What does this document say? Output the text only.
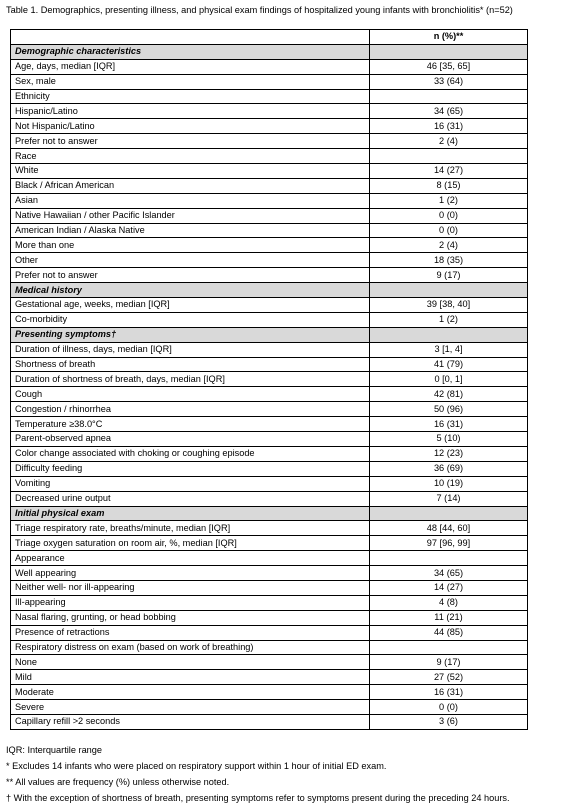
Table 1. Demographics, presenting illness, and physical exam findings of hospitalized young infants with bronchiolitis* (n=52)
	n (%)**
Demographic characteristics	
Age, days, median [IQR]	46 [35, 65]
Sex, male	33 (64)
Ethnicity	
Hispanic/Latino	34 (65)
Not Hispanic/Latino	16 (31)
Prefer not to answer	2 (4)
Race	
White	14 (27)
Black / African American	8 (15)
Asian	1 (2)
Native Hawaiian / other Pacific Islander	0 (0)
American Indian / Alaska Native	0 (0)
More than one	2 (4)
Other	18 (35)
Prefer not to answer	9 (17)
Medical history	
Gestational age, weeks, median [IQR]	39 [38, 40]
Co-morbidity	1 (2)
Presenting symptoms†	
Duration of illness, days, median [IQR]	3 [1, 4]
Shortness of breath	41 (79)
Duration of shortness of breath, days, median [IQR]	0 [0, 1]
Cough	42 (81)
Congestion / rhinorrhea	50 (96)
Temperature ≥38.0°C	16 (31)
Parent-observed apnea	5 (10)
Color change associated with choking or coughing episode	12 (23)
Difficulty feeding	36 (69)
Vomiting	10 (19)
Decreased urine output	7 (14)
Initial physical exam	
Triage respiratory rate, breaths/minute, median [IQR]	48 [44, 60]
Triage oxygen saturation on room air, %, median [IQR]	97 [96, 99]
Appearance	
Well appearing	34 (65)
Neither well- nor ill-appearing	14 (27)
Ill-appearing	4 (8)
Nasal flaring, grunting, or head bobbing	11 (21)
Presence of retractions	44 (85)
Respiratory distress on exam (based on work of breathing)	
None	9 (17)
Mild	27 (52)
Moderate	16 (31)
Severe	0 (0)
Capillary refill >2 seconds	3 (6)
IQR: Interquartile range
* Excludes 14 infants who were placed on respiratory support within 1 hour of initial ED exam.
** All values are frequency (%) unless otherwise noted.
† With the exception of shortness of breath, presenting symptoms refer to symptoms present during the preceding 24 hours.
